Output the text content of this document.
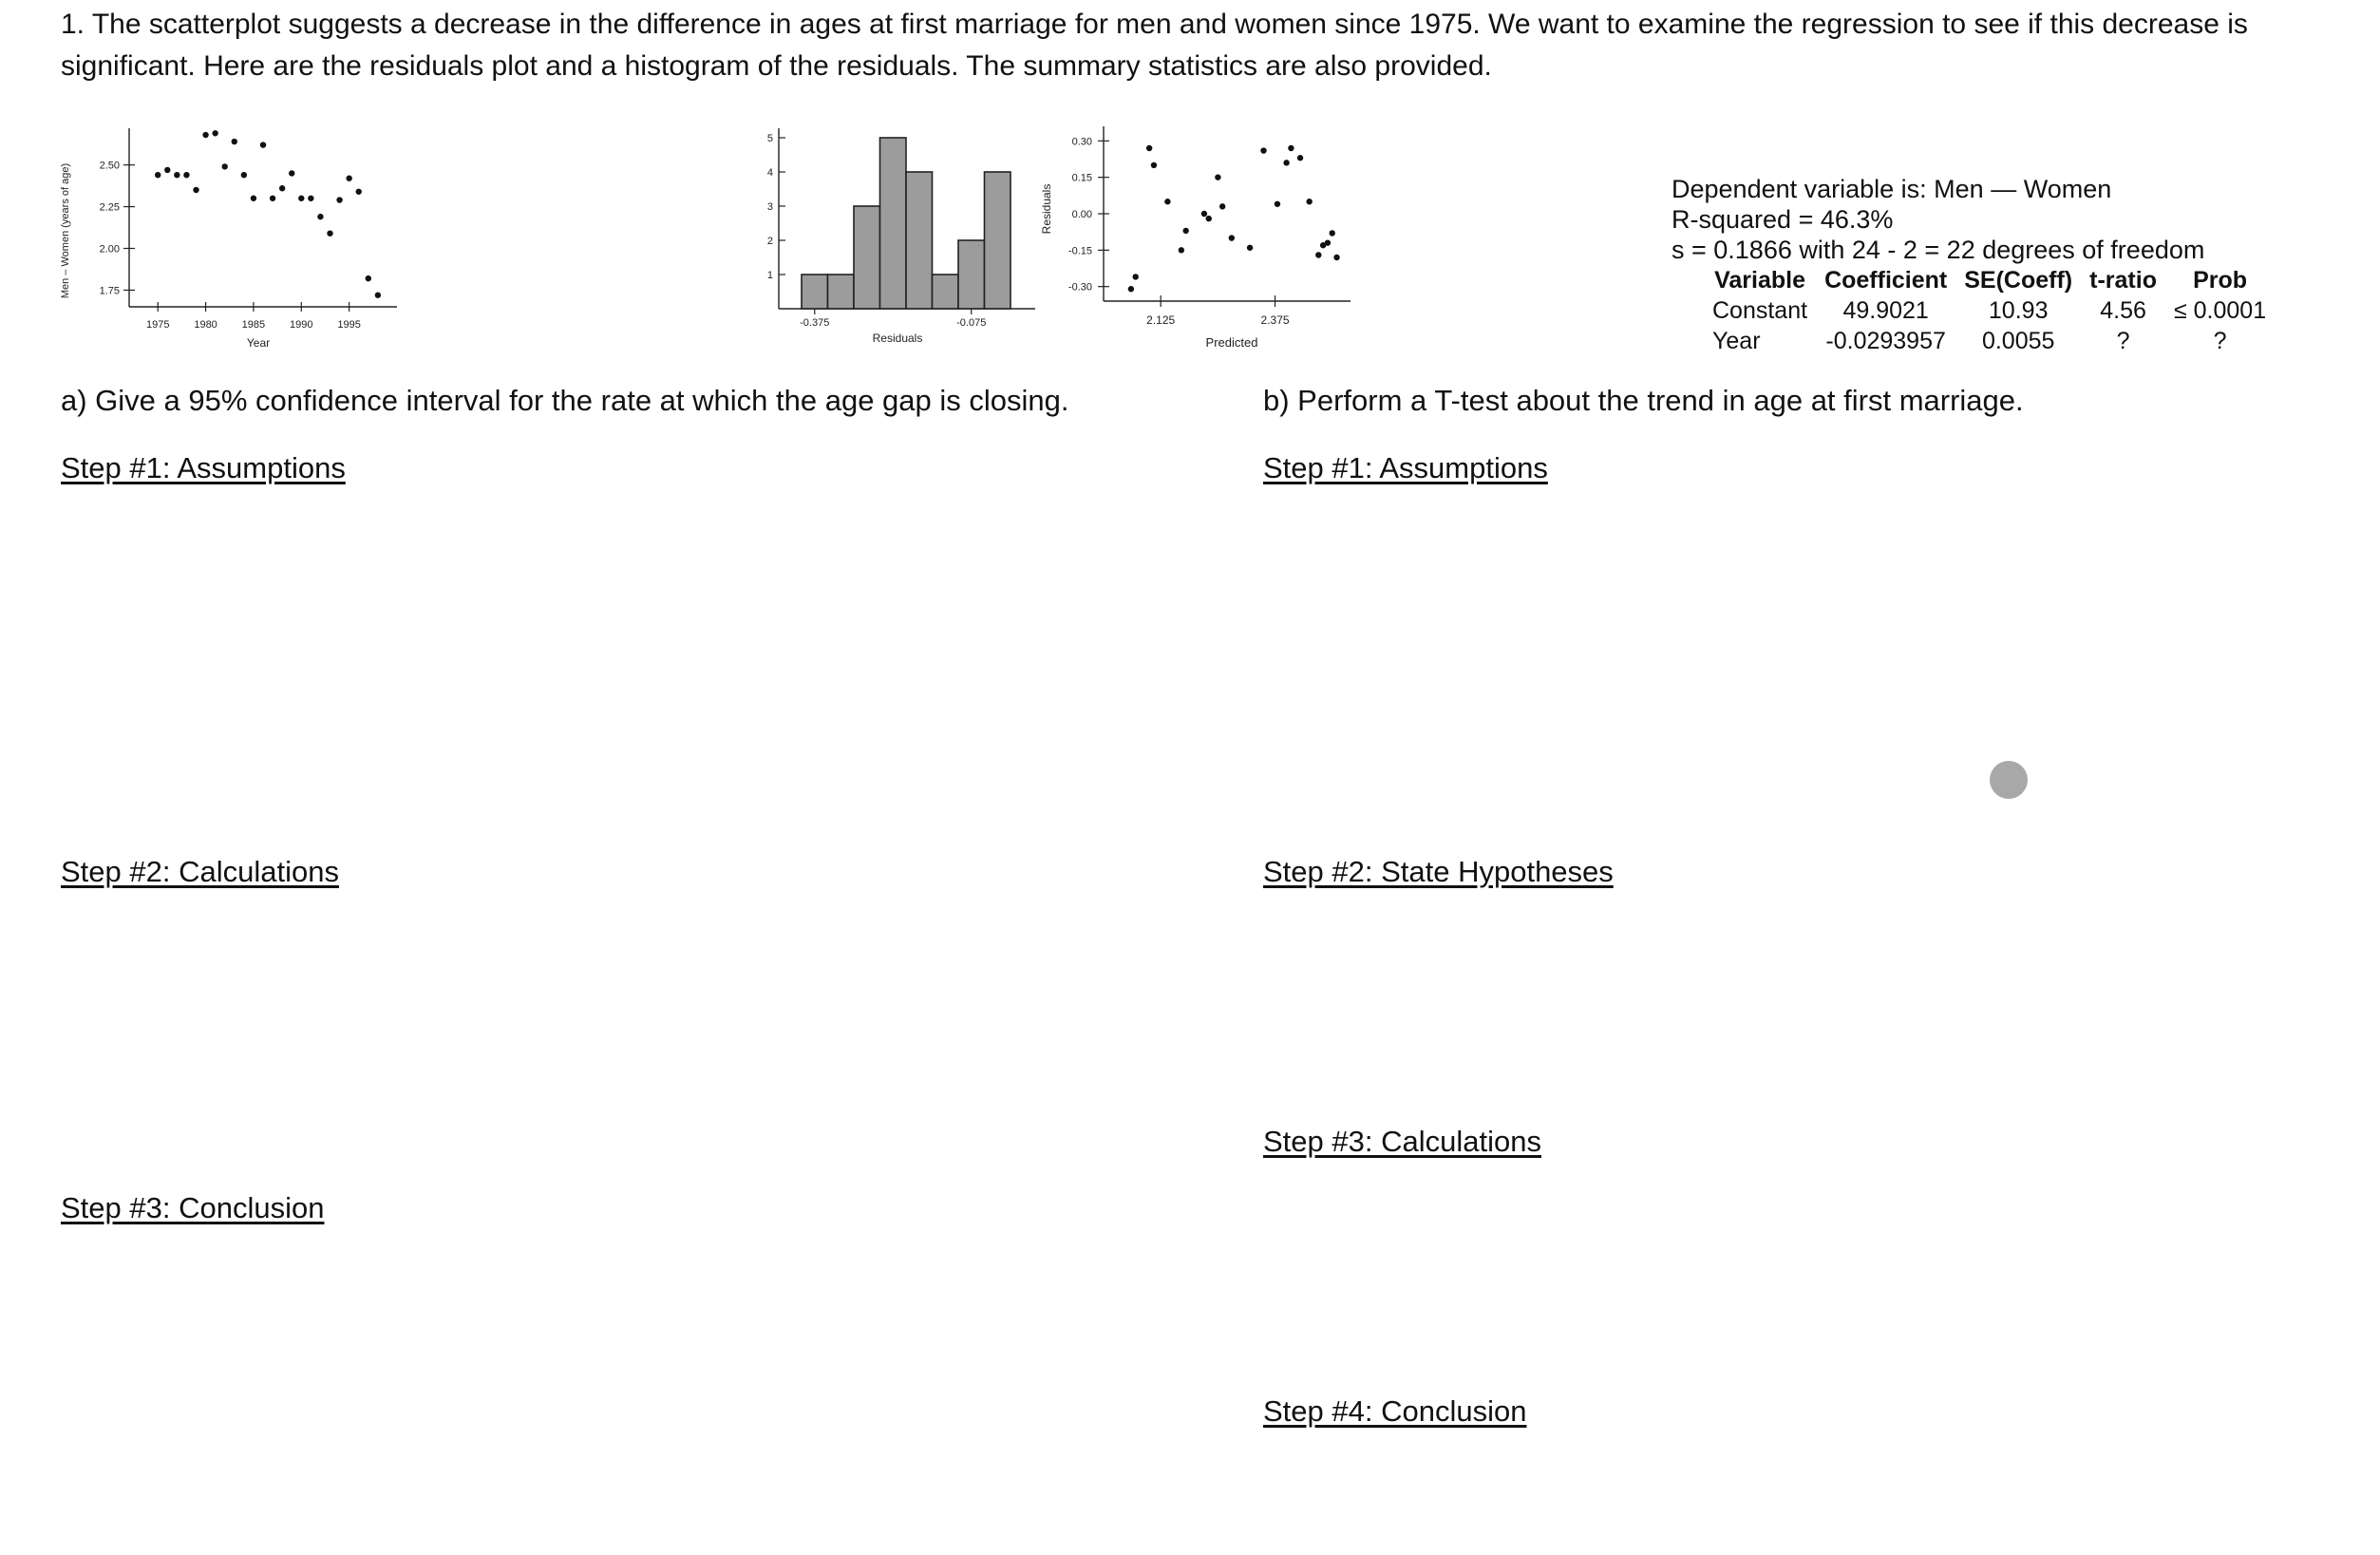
1. The scatterplot suggests a decrease in the difference in ages at first marriage for men and women since 1975. We want to examine the regression to see if this decrease is significant. Here are the residuals plot and a histogram of the residuals. The summary statistics are also provided.
Men – Women (years of age)	2.50
2.25
2.00
1.75
1975 1980 1985 1990 1995
Year
5
4
3
2
1
-0.375	-0.075
Residuals
Residuals
0.30
0.15
0.00
-0.15
-0.30
2.125	2.375
Predicted
Dependent variable is: Men — Women
R-squared = 46.3%
s = 0.1866 with 24 - 2 = 22 degrees of freedom
Variable	Coefficient	SE(Coeff)	t-ratio	Prob
Constant	49.9021	10.93	4.56	≤ 0.0001
Year	-0.0293957	0.0055	?	?
a) Give a 95% confidence interval for the rate at which the age gap is closing.
Step #1: Assumptions
Step #2: Calculations
Step #3: Conclusion
b) Perform a T-test about the trend in age at first marriage.
Step #1: Assumptions
Step #2: State Hypotheses
Step #3: Calculations
Step #4: Conclusion
